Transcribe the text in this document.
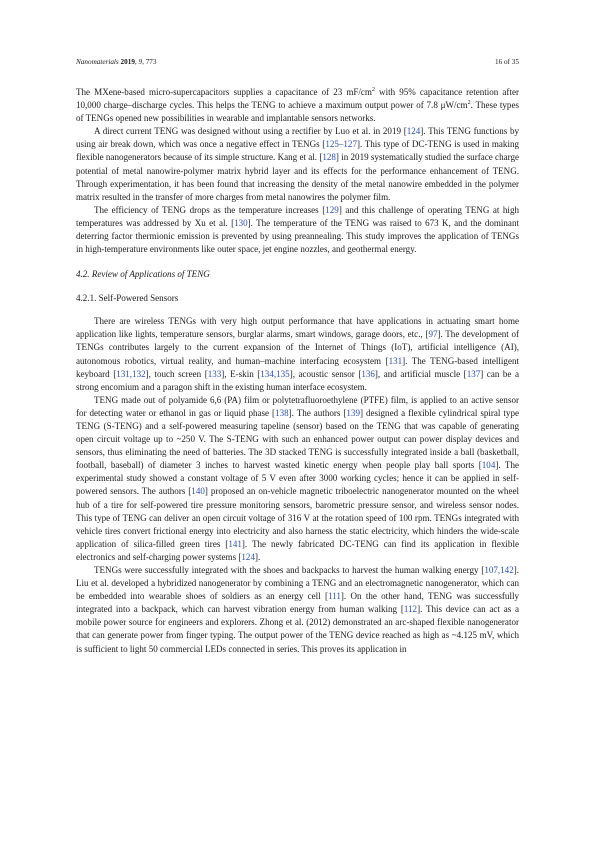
Nanomaterials 2019, 9, 773	16 of 35

The MXene-based micro-supercapacitors supplies a capacitance of 23 $mF/cm^2$ with 95% capacitance retention after 10,000 charge–discharge cycles. This helps the TENG to achieve a maximum output power of 7.8 $\mu W/cm^2$. These types of TENGs opened new possibilities in wearable and implantable sensors networks.

A direct current TENG was designed without using a rectifier by Luo et al. in 2019 [124]. This TENG functions by using air break down, which was once a negative effect in TENGs [125–127]. This type of DC-TENG is used in making flexible nanogenerators because of its simple structure. Kang et al. [128] in 2019 systematically studied the surface charge potential of metal nanowire-polymer matrix hybrid layer and its effects for the performance enhancement of TENG. Through experimentation, it has been found that increasing the density of the metal nanowire embedded in the polymer matrix resulted in the transfer of more charges from metal nanowires the polymer film.

The efficiency of TENG drops as the temperature increases [129] and this challenge of operating TENG at high temperatures was addressed by Xu et al. [130]. The temperature of the TENG was raised to 673 K, and the dominant deterring factor thermionic emission is prevented by using preannealing. This study improves the application of TENGs in high-temperature environments like outer space, jet engine nozzles, and geothermal energy.

4.2. Review of Applications of TENG
4.2.1. Self-Powered Sensors

There are wireless TENGs with very high output performance that have applications in actuating smart home application like lights, temperature sensors, burglar alarms, smart windows, garage doors, etc., [97]. The development of TENGs contributes largely to the current expansion of the Internet of Things (IoT), artificial intelligence (AI), autonomous robotics, virtual reality, and human–machine interfacing ecosystem [131]. The TENG-based intelligent keyboard [131,132], touch screen [133], E-skin [134,135], acoustic sensor [136], and artificial muscle [137] can be a strong encomium and a paragon shift in the existing human interface ecosystem.

TENG made out of polyamide 6,6 (PA) film or polytetrafluoroethylene (PTFE) film, is applied to an active sensor for detecting water or ethanol in gas or liquid phase [138]. The authors [139] designed a flexible cylindrical spiral type TENG (S-TENG) and a self-powered measuring tapeline (sensor) based on the TENG that was capable of generating open circuit voltage up to ~250 V. The S-TENG with such an enhanced power output can power display devices and sensors, thus eliminating the need of batteries. The 3D stacked TENG is successfully integrated inside a ball (basketball, football, baseball) of diameter 3 inches to harvest wasted kinetic energy when people play ball sports [104]. The experimental study showed a constant voltage of 5 V even after 3000 working cycles; hence it can be applied in self-powered sensors. The authors [140] proposed an on-vehicle magnetic triboelectric nanogenerator mounted on the wheel hub of a tire for self-powered tire pressure monitoring sensors, barometric pressure sensor, and wireless sensor nodes. This type of TENG can deliver an open circuit voltage of 316 V at the rotation speed of 100 rpm. TENGs integrated with vehicle tires convert frictional energy into electricity and also harness the static electricity, which hinders the wide-scale application of silica-filled green tires [141]. The newly fabricated DC-TENG can find its application in flexible electronics and self-charging power systems [124].

TENGs were successfully integrated with the shoes and backpacks to harvest the human walking energy [107,142]. Liu et al. developed a hybridized nanogenerator by combining a TENG and an electromagnetic nanogenerator, which can be embedded into wearable shoes of soldiers as an energy cell [111]. On the other hand, TENG was successfully integrated into a backpack, which can harvest vibration energy from human walking [112]. This device can act as a mobile power source for engineers and explorers. Zhong et al. (2012) demonstrated an arc-shaped flexible nanogenerator that can generate power from finger typing. The output power of the TENG device reached as high as ~4.125 mV, which is sufficient to light 50 commercial LEDs connected in series. This proves its application in
